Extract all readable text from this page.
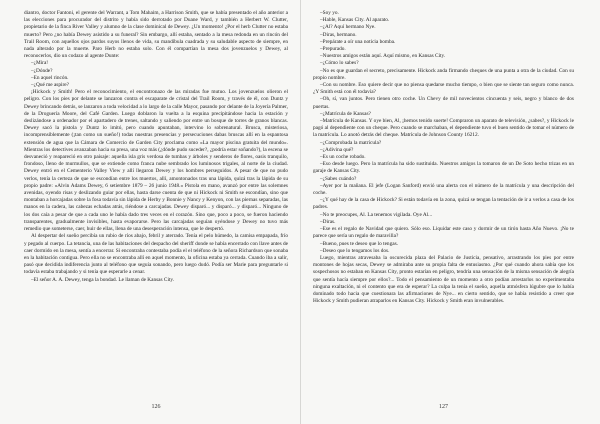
diantro, doctor Fantoni, el gerente del Warrant, a Tom Mahaim, a Harrison Smith, que se había presentado el año anterior a las elecciones para procurador del distrito y había sido derrotado por Duane Ward, y también a Herbert W. Clutter, propietario de la finca River Valley y alumno de la clase dominical de Dewey. ¿Un momento! ¿Por el herb Clutter no estaba muerto? Pero ¿no había Dewey asistido a su funeral? Sin embargo, allí estaba, sentado a la mesa redonda en un rincón del Trail Room, con aquellos ojos pardos suyos llenos de vida, su mandíbula cuadrada y su saludable aspecto de siempre, en nada alterado por la muerte. Paro Herb no estaba solo. Con él compartían la mesa dos jovenzuelos y Dewey, al reconocerlos, dio un codazo al agente Dunte:

–¿Mira!

–¿Dónde?

–En aquel rincón.

–¿Qué me aspire?

¡Hickock y Smith! Pero el reconocimiento, el encontronazo de las miradas fue mutuo. Los jovenzuelos olieron el peligro. Con los pies por delante se lanzaron contra el escaparate de cristal del Trail Room, y través de él, con Duntz y Dewey brincando detrás, se lanzaron a toda velocidad a lo largo de la calle Mayor, pasando por delante de la Joyería Palmer, de la Droguería Moore, del Café Garden. Luego doblaron la vuelta a la esquina precipitándose hacia la estación y deslizándose a ordenador por el apartadero de trenes, saltando y saliendo por entre un bosque de torres de granos blancas. Dewey sacó la pistola y Duntz lo imitó, pero cuando apuntaban, intervino lo sobrenatural. Brusca, misteriosa, incomprensiblemente (¡tan como un sueño!) todas nuestras presencias y persecuciones dabas bruscas allí en la espantosa extensión de agua que la Cámara de Comercio de Garden City proclama como «La mayor piscina gratuita del mundo». Mientras los detectives avanzaban hacia su presa, una voz más (¿dónde pudo suceder?, ¿podría estar soñando?), la escena se desvaneció y reapareció en otro paisaje: aquella isla gris verdosa de tumbas y árboles y senderos de flores, oasis tranquilo, frondoso, lleno de murmullos, que se extiende como franca nube sembrado los luminosos trigales, al norte de la ciudad. Dewey entró en el Cementerio Valley View y allí llegaron Dewey y los hombres perseguidos. A pesar de que no pudo verlos, tenía la certeza de que se escondían entre los muertos, allí, amontonados tras una lápida, quizá tras la lápida de su propio padre: «Alvin Adams Dewey, 6 setiembre 1879 – 26 junio 1948.» Pistola en mano, avanzó por entre las solemnes avenidas, oyendo risas y deslizando guiar por ellas, hasta darse cuenta de que ni Hickock ni Smith se escondían, sino que montaban a horcajadas sobre la fosa todavía sin lápida de Herby y Bonnie y Nancy y Kenyon, con las piernas separadas, las manos en la cadera, las cabezas echadas atrás, riéndose a carcajadas. Dewey disparó... y disparó... y disparó... Ninguno de los dos caía a pesar de que a cada uno le había dado tres veces en el corazón. Sino que, poco a poco, se fueron haciendo transparentes, gradualmente invisibles, hasta evaporarse. Pero las carcajadas seguían oyéndose y Dewey no tuvo más remedio que someterse, caer, huir de ellas, llena de una desesperación intensa, que le despertó.

Al despertar del sueño percibía un rubio de ríos abajo, febril y aterrado. Tenía el pelo húmedo, la camisa empapada, frío y pegado al cuerpo. La tetancia, una de las habitaciones del despacho del sheriff donde se había encerrado con llave antes de caer dormido en la mesa, sentía a encerrar. Si encontraba contestaba podía el el teléfono de la señora Richardson que sonaba en la habitación contigua. Pero ella no se encontraba allí en aquel momento, la oficina estaba ya cerrada. Cuando iba a salir, pasó que decidida indiferencia junto al teléfono que seguía sonando, pero luego dudó. Podía ser Marie para preguntarle si todavía estaba trabajando y si tenía que esperarle a cenar.

–El señor A. A. Dewey, tenga la bondad. Le llaman de Kansas City.

126

–Soy yo.

–Hable, Kansas City. Al aparato.

–¿Al? Aquí hermano Nye.

–Diras, hermano.

–Prepárate a oír una noticia bomba.

–Prepurado.

–Nuestros amigos están aquí. Aquí mismo, en Kansas City.

–¿Cómo lo sabes?

–No es que guardan el secreto, precisamente. Hickock anda firmando cheques de una punta a otra de la ciudad. Con su propio nombre.

–Con su nombre. Eso quiere decir que no piensa quedarse mucho tiempo, o bien que se siente tan seguro como nunca. ¿Y Smith está con él todavía?

–Oh, sí, van juntos. Pero tienen otro coche. Un Chevy de mil novecientos cincuenta y seis, negro y blanco de dos puertas.

–¿Matrícula de Kansas?

–Matrícula de Kansas. Y oye bien, Al, ¡hemos tenido suerte! Compraron un aparato de televisión, ¿sabes?, y Hickock le pagó al dependiente con un cheque. Pero cuando se marchaban, el dependiente tuvo el buen sentido de tomar el número de la matrícula. Lo anotó detrás del cheque. Matrícula de Johnson County 16212.

–¿Comprobada la matrícula?

–¿Adivina qué?

–Es un coche robado.

–Eso desde luego. Pero la matrícula ha sido sustituida. Nuestros amigos la tomaron de un De Soto hecho trizas en un garaje de Kansas City.

–¿Sabes cuándo?

–Ayer por la mañana. El jefe (Logan Sanford) envió una alerta con el número de la matrícula y una descripción del coche.

–¿Y qué hay de la casa de Hickock? Si están todavía en la zona, quizá se tengan la tentación de ir a verlos a casa de los padres.

–No te preocupes, Al. La tenemos vigilada. Oye Al...

–Diras.

–Ese es el regalo de Navidad que quiero. Sólo eso. Liquidar este caso y dormir de un tirón hasta Año Nuevo. ¡No te parece que sería un regalo de maravilla?

–Bueno, pues te deseo que lo tengas.

–Deseo que lo tengamos los dos.

Luego, mientras atravesaba la oscurecida plaza del Palacio de Justicia, pensativo, arrastrando los pies por entre montones de hojas secas, Dewey se admiraba ante su propia falta de entusiasmo. ¿Por qué cuando ahora sabía que los sospechosos no estaban en Kansas City, pronto estarían en peligro, tendría una sensación de la misma sensación de alegría que sentía hacía siempre por ellos?... Todo el pensamiento de un momento a otro podían arrestarlos no experimentaba ninguna exaltación, ni el contento que era de esperar? La culpa la tenía el sueño, aquella atmósfera lúgubre que lo había dominado todo hacia que cuestionara las afirmaciones de Nye... en cierto sentido, que se había resistido a creer que Hickock y Smith pudieran atraparlos en Kansas City. Hickock y Smith eran invulnerables.

127
